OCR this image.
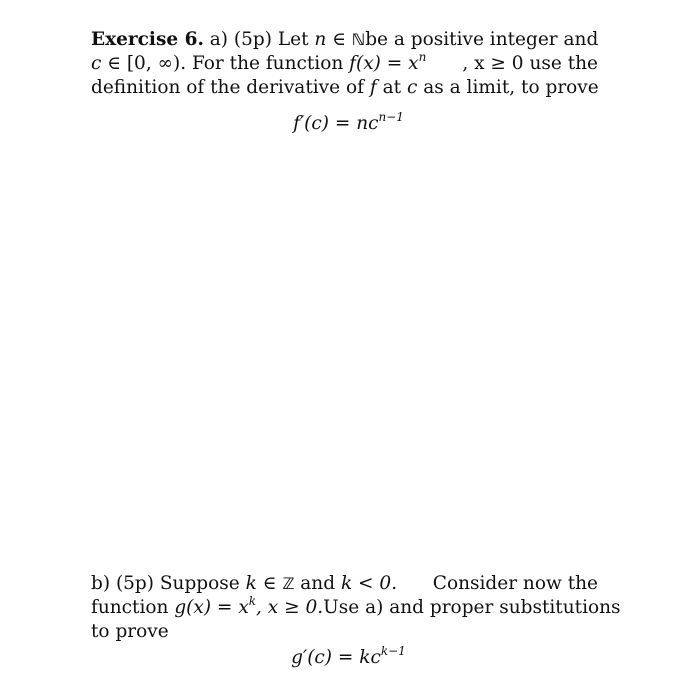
Exercise 6. a) (5p) Let n ∈ ℕ be a positive integer and
c ∈ [0, ∞). For the function $f(x) = x^n$ , x ≥ 0 use the
definition of the derivative of f at c as a limit, to prove
$f'(c) = nc^{n-1}$
b) (5p) Suppose k ∈ ℤ and k < 0. Consider now the
function $g(x) = x^k$, x ≥ 0. Use a) and proper substitutions
to prove
$g'(c) = kc^{k-1}$
